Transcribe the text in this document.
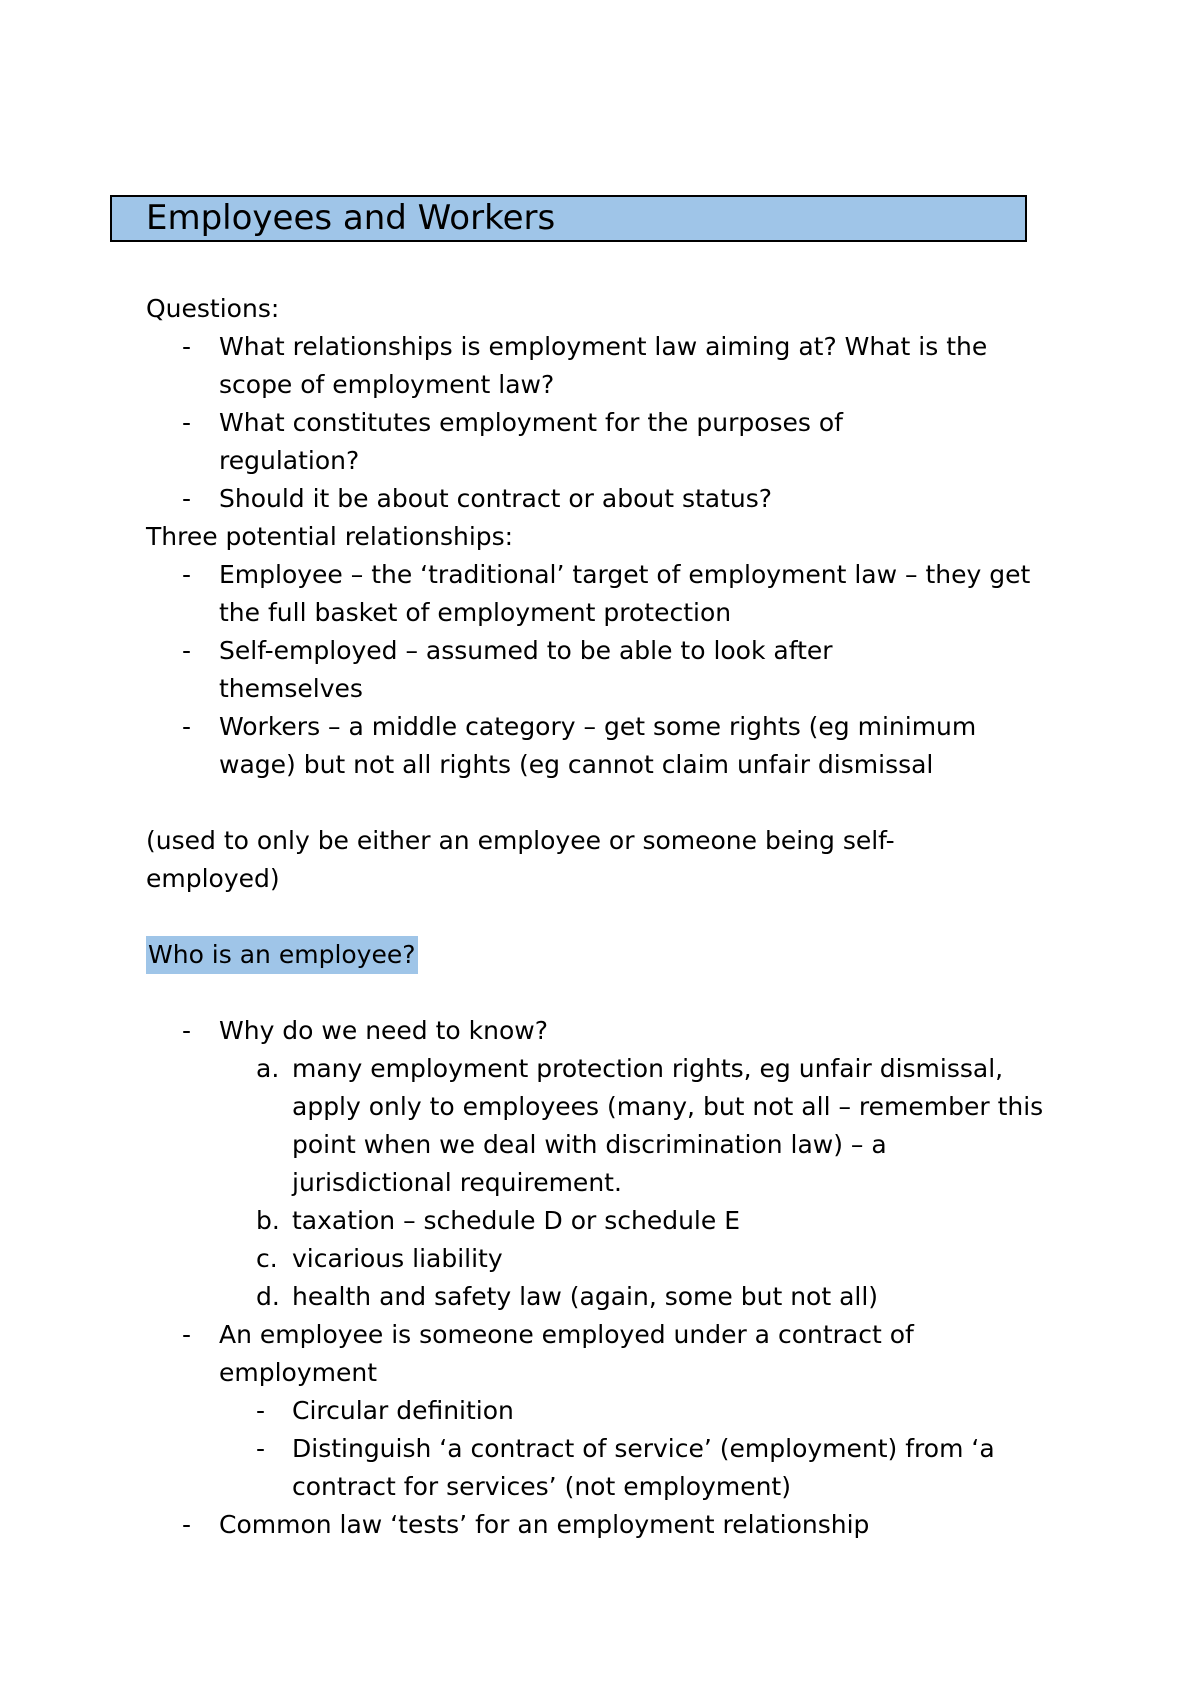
Employees and Workers
Questions:
- What relationships is employment law aiming at? What is the scope of employment law?
- What constitutes employment for the purposes of regulation?
- Should it be about contract or about status?
Three potential relationships:
- Employee – the ‘traditional’ target of employment law – they get the full basket of employment protection
- Self-employed – assumed to be able to look after themselves
- Workers – a middle category – get some rights (eg minimum wage) but not all rights (eg cannot claim unfair dismissal
(used to only be either an employee or someone being self-employed)
Who is an employee?
- Why do we need to know?
a. many employment protection rights, eg unfair dismissal, apply only to employees (many, but not all – remember this point when we deal with discrimination law) – a jurisdictional requirement.
b. taxation – schedule D or schedule E
c. vicarious liability
d. health and safety law (again, some but not all)
- An employee is someone employed under a contract of employment
- Circular definition
- Distinguish ‘a contract of service’ (employment) from ‘a contract for services’ (not employment)
- Common law ‘tests’ for an employment relationship
